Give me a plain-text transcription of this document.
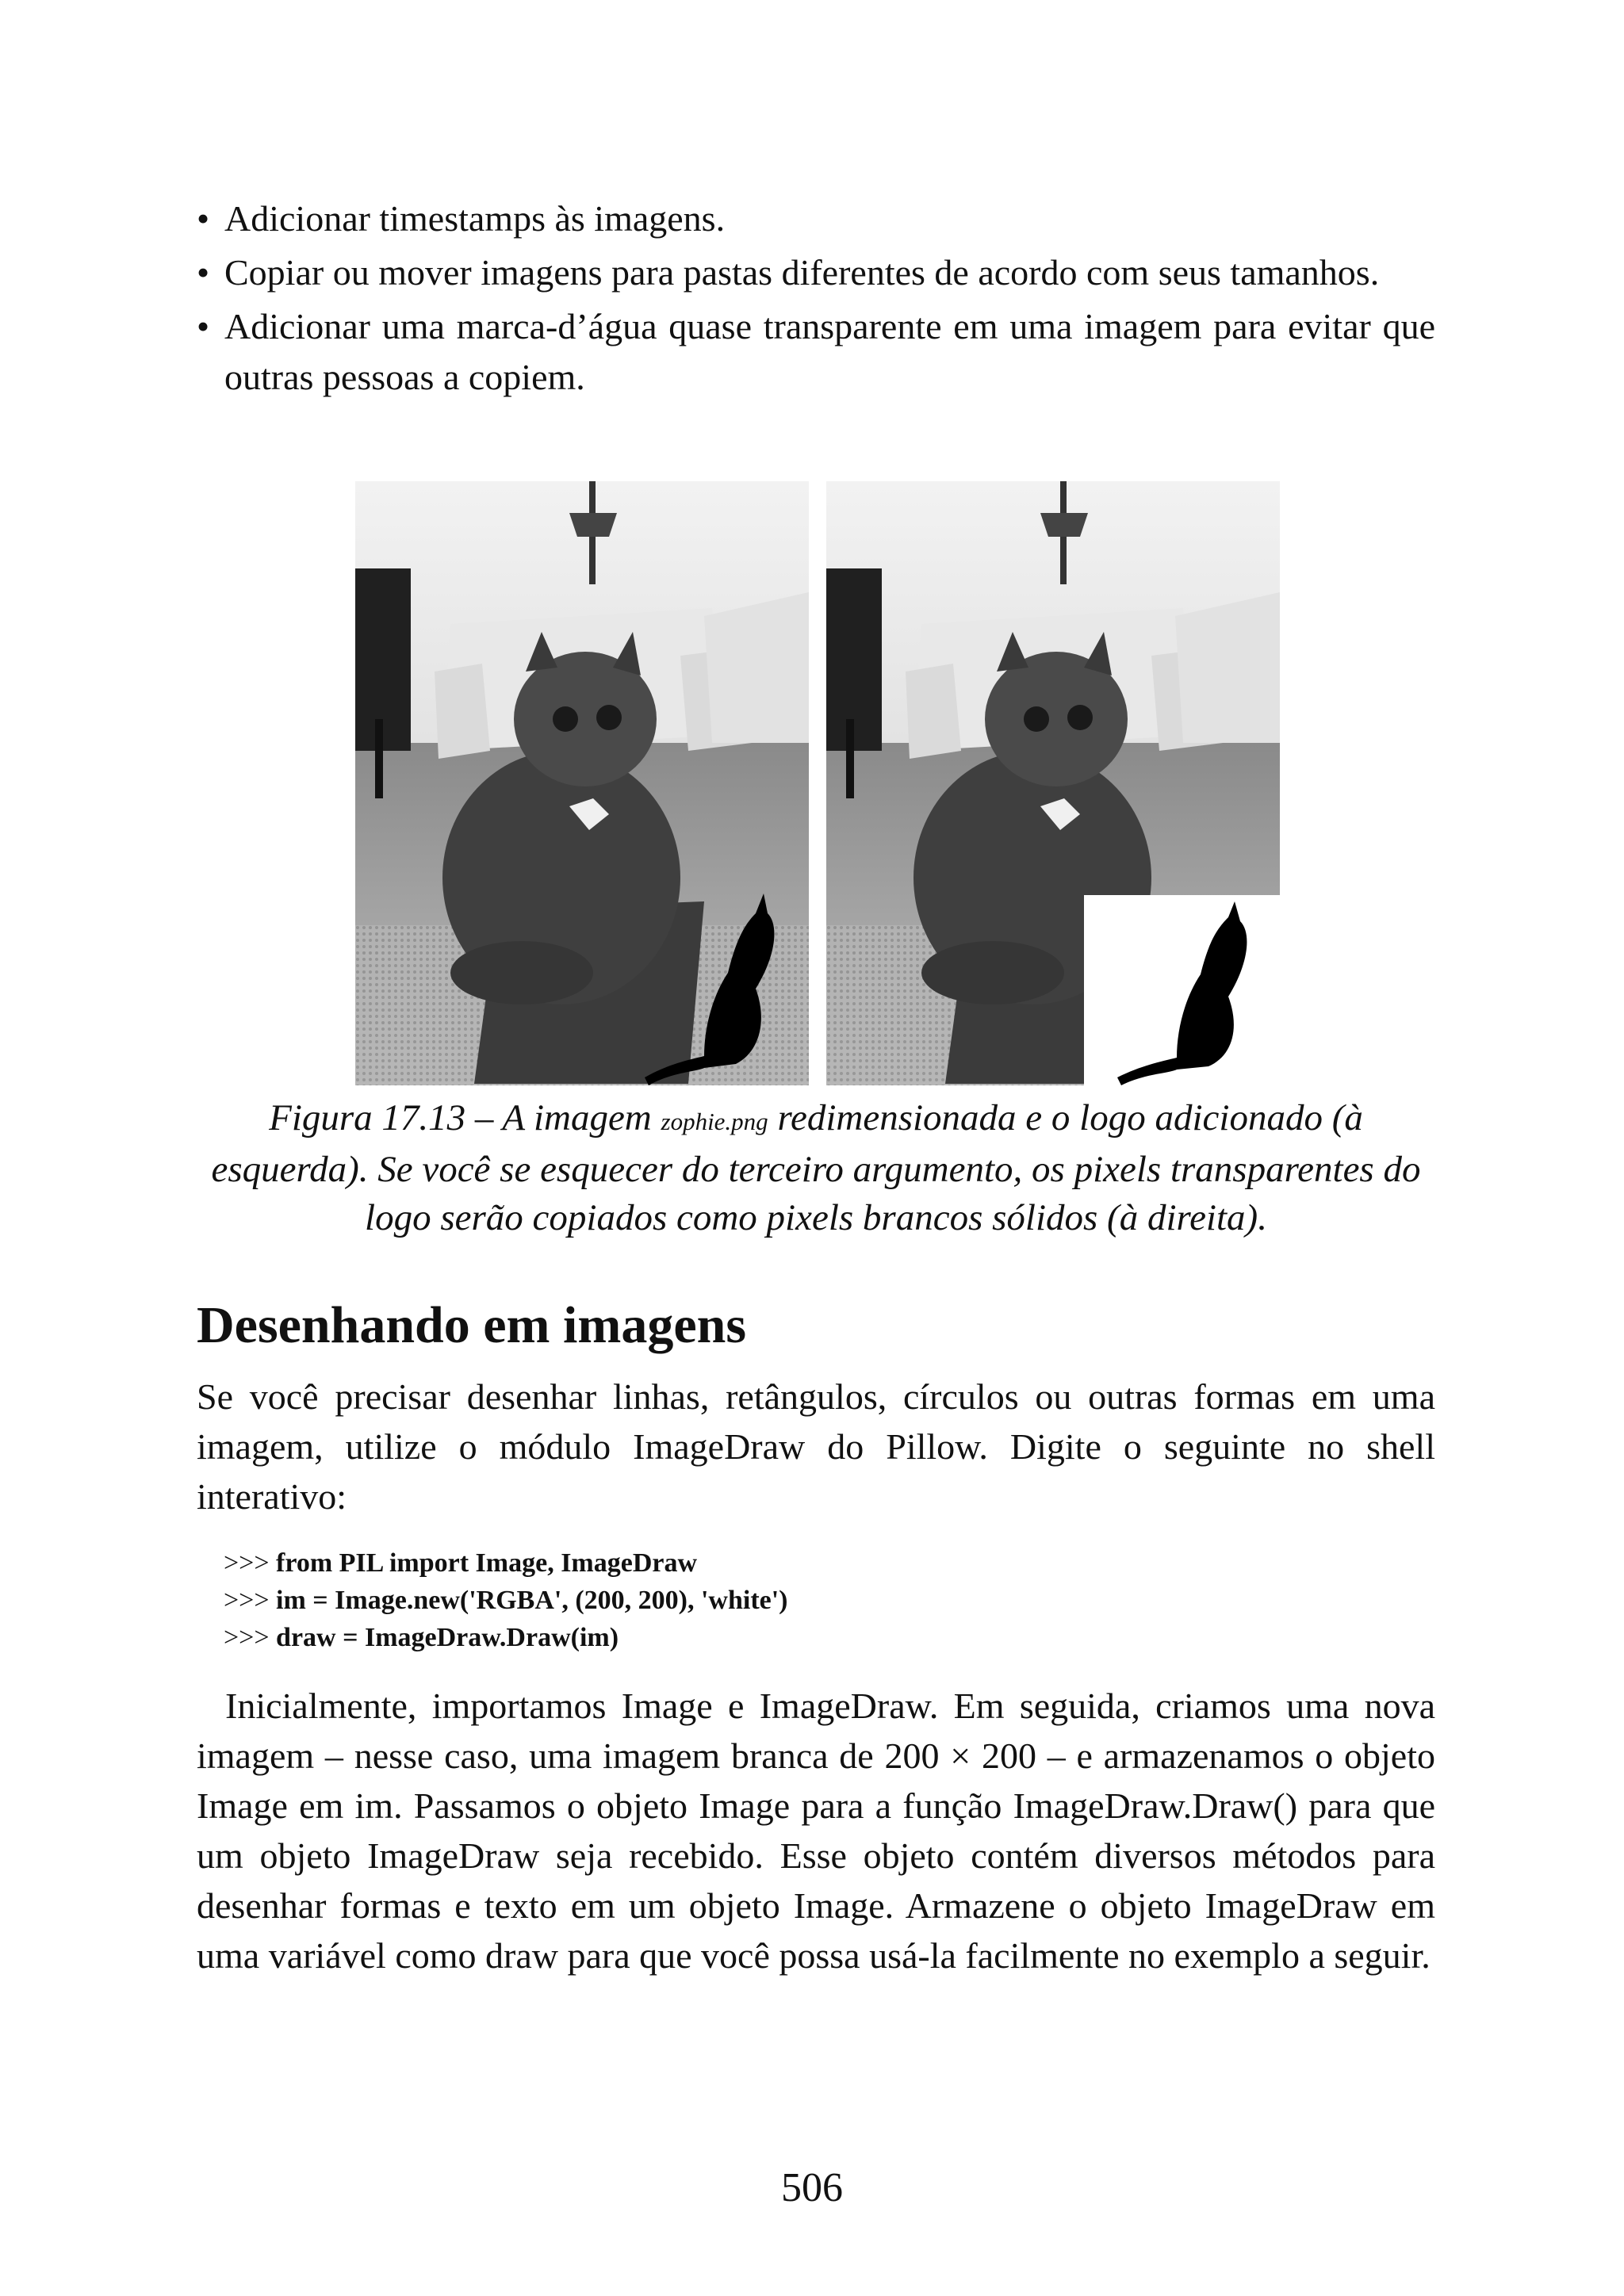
• Adicionar timestamps às imagens.
• Copiar ou mover imagens para pastas diferentes de acordo com seus tamanhos.
• Adicionar uma marca-d’água quase transparente em uma imagem para evitar que outras pessoas a copiem.
Figura 17.13 – A imagem zophie.png redimensionada e o logo adicionado (à esquerda). Se você se esquecer do terceiro argumento, os pixels transparentes do logo serão copiados como pixels brancos sólidos (à direita).
Desenhando em imagens

Se você precisar desenhar linhas, retângulos, círculos ou outras formas em uma imagem, utilize o módulo ImageDraw do Pillow. Digite o seguinte no shell interativo:

>>> from PIL import Image, ImageDraw
>>> im = Image.new('RGBA', (200, 200), 'white')
>>> draw = ImageDraw.Draw(im)

Inicialmente, importamos Image e ImageDraw. Em seguida, criamos uma nova imagem – nesse caso, uma imagem branca de 200 × 200 – e armazenamos o objeto Image em im. Passamos o objeto Image para a função ImageDraw.Draw() para que um objeto ImageDraw seja recebido. Esse objeto contém diversos métodos para desenhar formas e texto em um objeto Image. Armazene o objeto ImageDraw em uma variável como draw para que você possa usá-la facilmente no exemplo a seguir.

506
